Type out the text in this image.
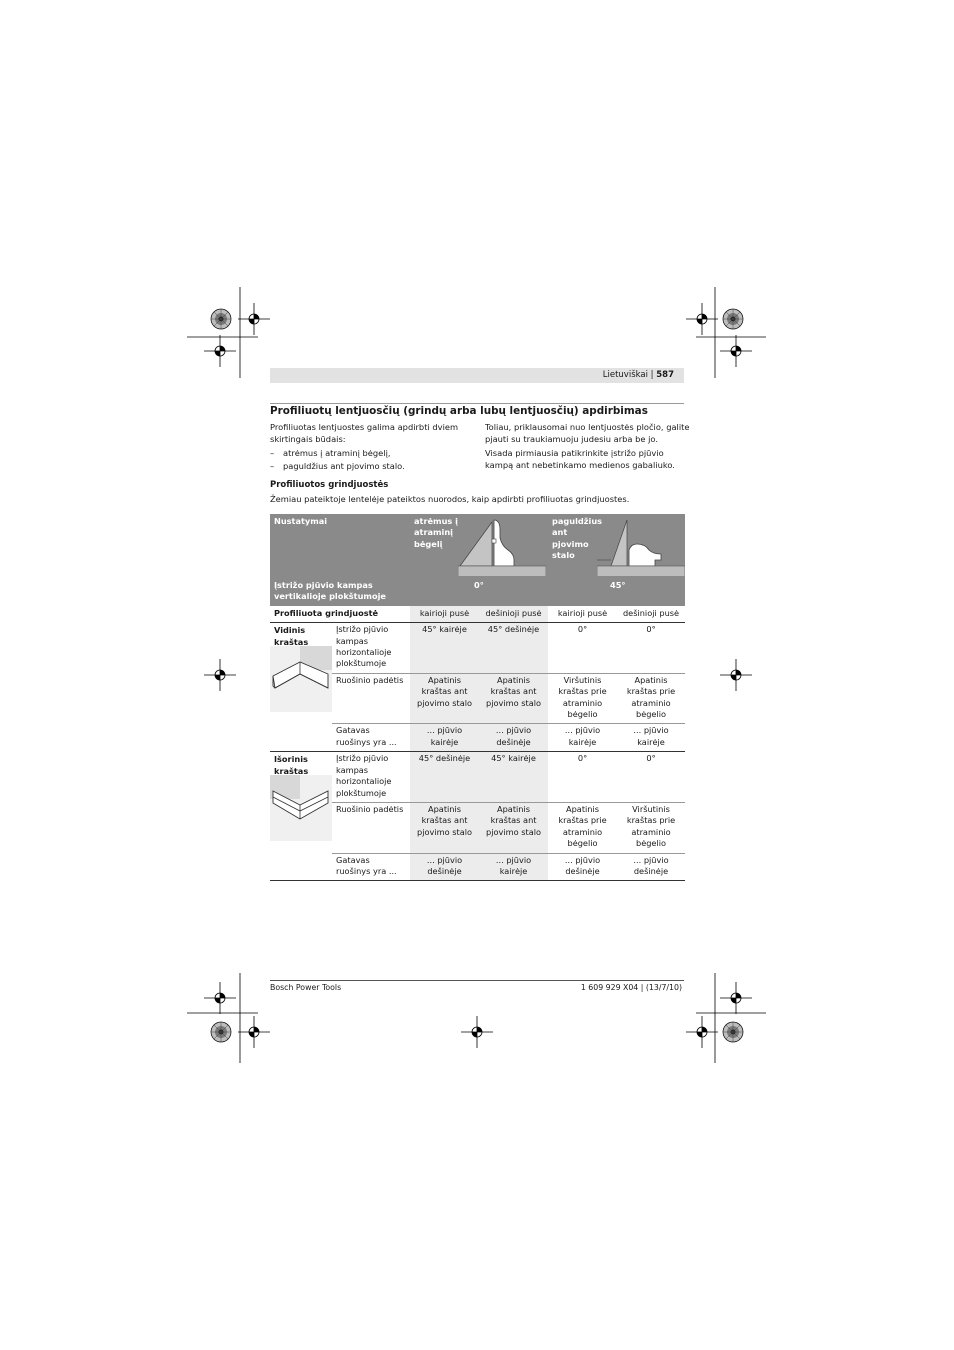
Lietuviškai | 587
Profiliuotų lentjuosčių (grindų arba lubų lentjuosčių) apdirbimas

Profiliuotas lentjuostes galima apdirbti dviem skirtingais būdais:

– atrėmus į atraminį bėgelį,
– paguldžius ant pjovimo stalo.

Toliau, priklausomai nuo lentjuostės pločio, galite pjauti su traukiamuoju judesiu arba be jo.

Visada pirmiausia patikrinkite įstrižo pjūvio kampą ant nebetinkamo medienos gabaliuko.

Profiliuotos grindjuostės
Žemiau pateiktoje lentelėje pateiktos nuorodos, kaip apdirbti profiliuotas grindjuostes.
Nustatymai		atrėmus į atraminį bėgelį		paguldžius ant pjovimo stalo	

Įstrižo pjūvio kampas vertikalioje plokštumoje		0°		45°	
Profiliuota grindjuostė		kairioji pusė	dešinioji pusė	kairioji pusė	dešinioji pusė

Vidinis kraštas	Įstrižo pjūvio kampas horizontalioje plokštumoje	45° kairėje	45° dešinėje	0°	0°
	Ruošinio padėtis	Apatinis kraštas ant pjovimo stalo	Apatinis kraštas ant pjovimo stalo	Viršutinis kraštas prie atraminio bėgelio	Apatinis kraštas prie atraminio bėgelio
	Gatavas ruošinys yra ...	... pjūvio kairėje	... pjūvio dešinėje	... pjūvio kairėje	... pjūvio kairėje

Išorinis kraštas	Įstrižo pjūvio kampas horizontalioje plokštumoje	45° dešinėje	45° kairėje	0°	0°
	Ruošinio padėtis	Apatinis kraštas ant pjovimo stalo	Apatinis kraštas ant pjovimo stalo	Apatinis kraštas prie atraminio bėgelio	Viršutinis kraštas prie atraminio bėgelio
	Gatavas ruošinys yra ...	... pjūvio dešinėje	... pjūvio kairėje	... pjūvio dešinėje	... pjūvio dešinėje
Bosch Power Tools	1 609 929 X04 | (13/7/10)
